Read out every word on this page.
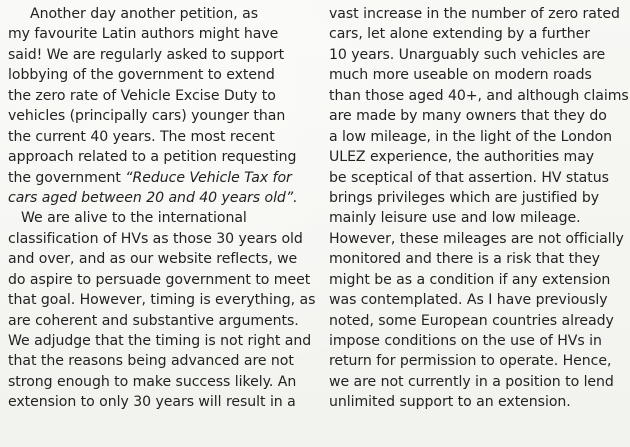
Another day another petition, as
my favourite Latin authors might have
said! We are regularly asked to support
lobbying of the government to extend
the zero rate of Vehicle Excise Duty to
vehicles (principally cars) younger than
the current 40 years. The most recent
approach related to a petition requesting
the government “Reduce Vehicle Tax for
cars aged between 20 and 40 years old”.
We are alive to the international
classification of HVs as those 30 years old
and over, and as our website reflects, we
do aspire to persuade government to meet
that goal. However, timing is everything, as
are coherent and substantive arguments.
We adjudge that the timing is not right and
that the reasons being advanced are not
strong enough to make success likely. An
extension to only 30 years will result in a
vast increase in the number of zero rated
cars, let alone extending by a further
10 years. Unarguably such vehicles are
much more useable on modern roads
than those aged 40+, and although claims
are made by many owners that they do
a low mileage, in the light of the London
ULEZ experience, the authorities may
be sceptical of that assertion. HV status
brings privileges which are justified by
mainly leisure use and low mileage.
However, these mileages are not officially
monitored and there is a risk that they
might be as a condition if any extension
was contemplated. As I have previously
noted, some European countries already
impose conditions on the use of HVs in
return for permission to operate. Hence,
we are not currently in a position to lend
unlimited support to an extension.
